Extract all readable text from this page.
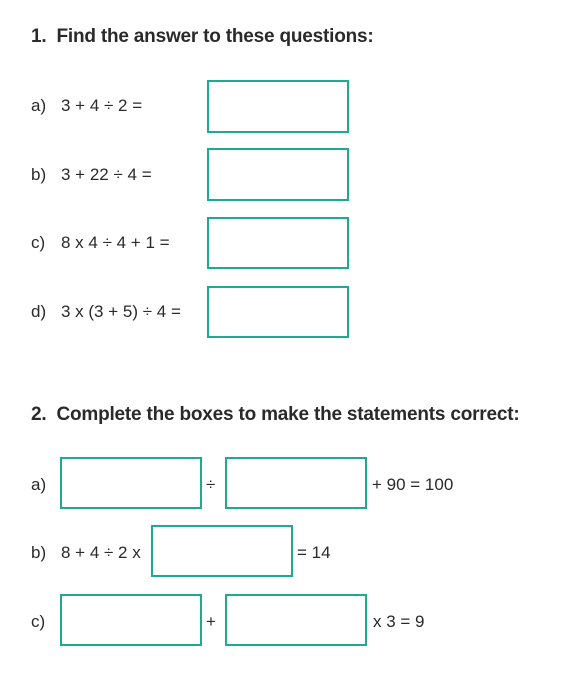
1. Find the answer to these questions:
a) 3 + 4 ÷ 2 =
b) 3 + 22 ÷ 4 =
c) 8 x 4 ÷ 4 + 1 =
d) 3 x (3 + 5) ÷ 4 =
2. Complete the boxes to make the statements correct:
a)	÷	+ 90 = 100
b) 8 + 4 ÷ 2 x	= 14
c)	+	x 3 = 9
